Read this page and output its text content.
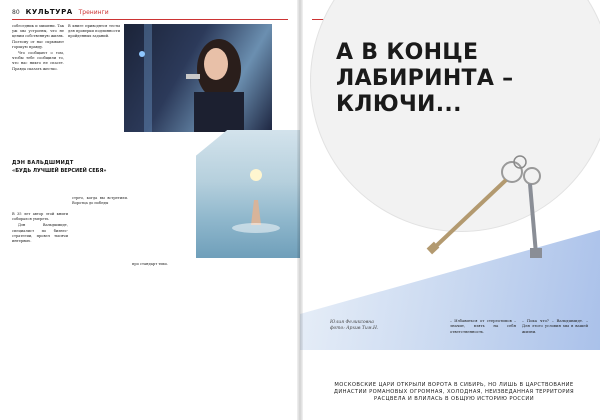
80 КУЛЬТУРА Тренинги

собеседник и мишени. Так уж мы устроены, что не ценим собственную жизнь. Поэтому от нас скрывают горькую правду.

Что сообщают о том, чтобы тебе сообщили то, что нас никто не спасет. Правда сказать жестко.

В книге приводятся тесты для проверки подлинности пройденных заданий.

ДЭН ВАЛЬДШМИДТ
«БУДЬ ЛУЧШЕЙ ВЕРСИЕЙ СЕБЯ»

В 35 лет автор этой книги собирался умереть.

Дэн Вальдшмидт, специалист по бизнес-стратегии, провел тысячи интервью.

стреч, когда вы встретили. Воротца до победы

про стандарт тихо.

А В КОНЦЕ
ЛАБИРИНТА –
КЛЮЧИ...
Юлия Феликсовна
фото: Архив Тим.Н.

– Избавиться от стереотипов – значит, взять на себя ответственность.

– Пока что? – Вальдшмидт. – Для этого условия мы в вашей жизни.

МОСКОВСКИЕ ЦАРИ ОТКРЫЛИ ВОРОТА В СИБИРЬ, НО ЛИШЬ В ЦАРСТВОВАНИЕ ДИНАСТИИ РОМАНОВЫХ ОГРОМНАЯ, ХОЛОДНАЯ, НЕИЗВЕДАННАЯ ТЕРРИТОРИЯ РАСЦВЕЛА И ВЛИЛАСЬ В ОБЩУЮ ИСТОРИЮ РОССИИ
